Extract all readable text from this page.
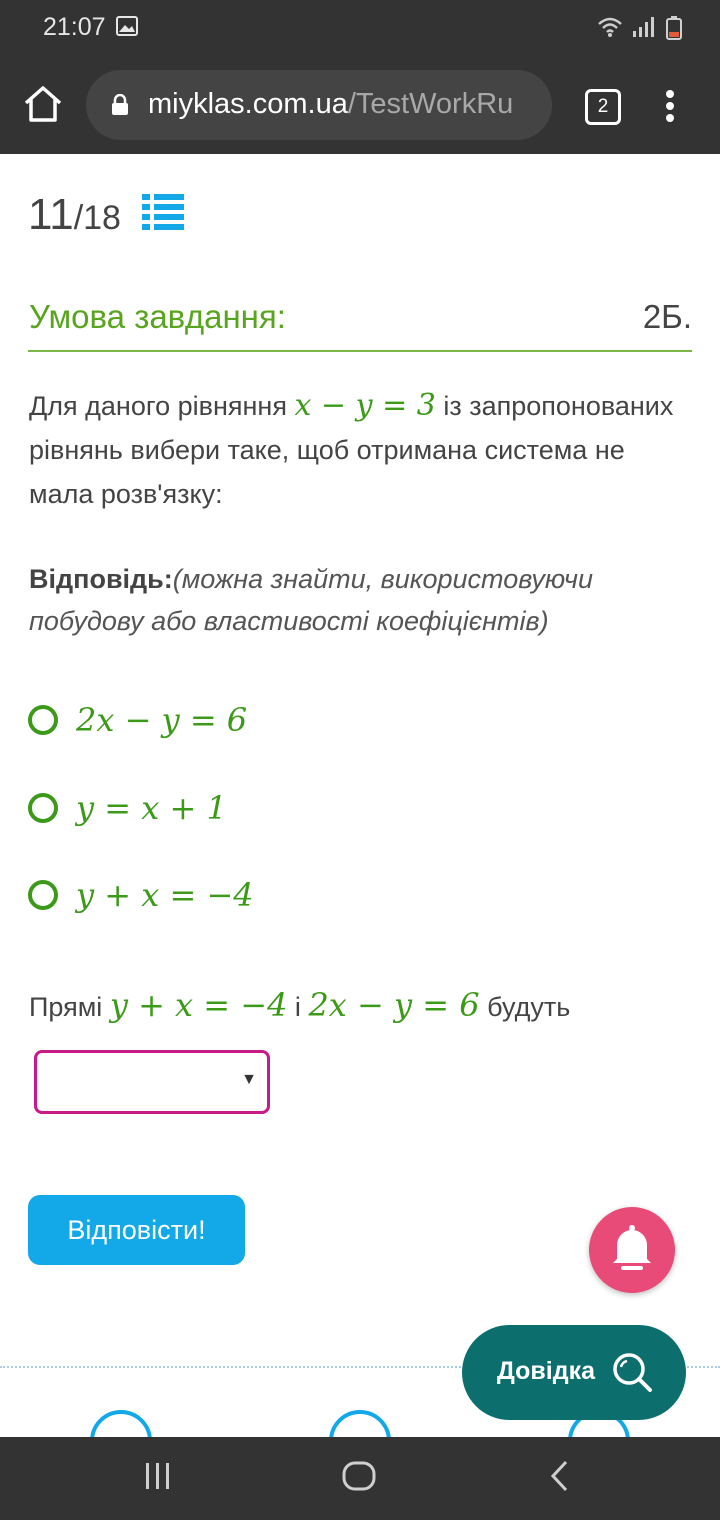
21:07

miyklas.com.ua/TestWorkRu	2
11/18
Умова завдання:	2Б.
Для даного рівняння x − y = 3 із запропонованих рівнянь вибери таке, щоб отримана система не мала розв'язку:
Відповідь:(можна знайти, використовуючи побудову або властивості коефіцієнтів)
2x − y = 6
y = x + 1
y + x = −4
Прямі y + x = −4 і 2x − y = 6 будуть
▼
Відповісти!
Довідка
